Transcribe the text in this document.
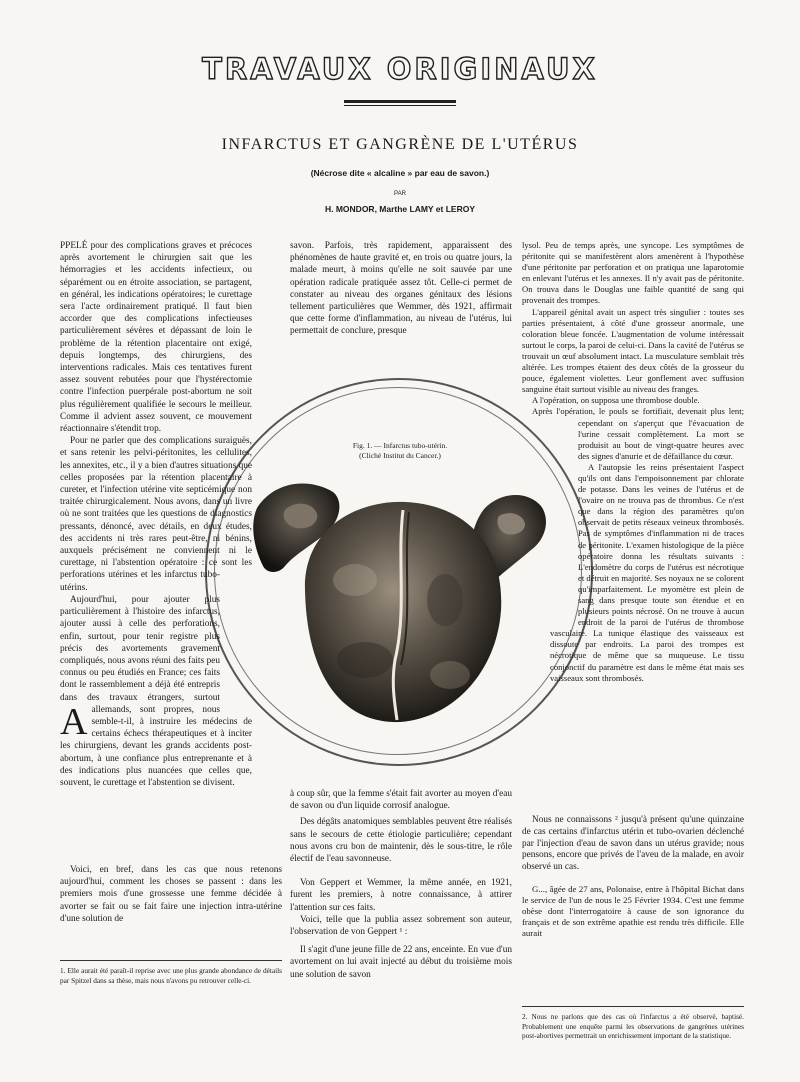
TRAVAUX ORIGINAUX
INFARCTUS ET GANGRÈNE DE L'UTÉRUS
(Nécrose dite « alcaline » par eau de savon.)
PAR
H. MONDOR, Marthe LAMY et LEROY
Fig. 1. — Infarctus tubo-utérin.
(Cliché Institut du Cancer.)

A
PPELÉ pour des complications graves et précoces après avortement le chirurgien sait que les hémorragies et les accidents infectieux, ou séparément ou en étroite association, se partagent, en général, les indications opératoires; le curettage sera l'acte ordinairement pratiqué. Il faut bien accorder que des complications infectieuses particulièrement sévères et dépassant de loin le problème de la rétention placentaire ont exigé, depuis longtemps, des chirurgiens, des interventions radicales. Mais ces tentatives furent assez souvent rebutées pour que l'hystérectomie contre l'infection puerpérale post-abortum ne soit plus régulièrement qualifiée le secours le meilleur. Comme il advient assez souvent, ce mouvement réactionnaire s'étendit trop.

Pour ne parler que des complications suraiguës, et sans retenir les pelvi-péritonites, les cellulites, les annexites, etc., il y a bien d'autres situations que celles proposées par la rétention placentaire à cureter, et l'infection utérine vite septicémique non traitée chirurgicalement. Nous avons, dans un livre où ne sont traitées que les questions de diagnostics pressants, dénoncé, avec détails, en deux études, des accidents ni très rares peut-être, ni bénins, auxquels précisément ne conviennent ni le curettage, ni l'abstention opératoire : ce sont les perforations utérines et les infarctus tubo-utérins.

Aujourd'hui, pour ajouter plus particulièrement à l'histoire des infarctus, ajouter aussi à celle des perforations, enfin, surtout, pour tenir registre plus précis des avortements gravement compliqués, nous avons réuni des faits peu connus ou peu étudiés en France; ces faits dont le rassemblement a déjà été entrepris dans des travaux étrangers, surtout allemands, sont propres, nous semble-t-il, à instruire les médecins de certains échecs thérapeutiques et à inciter les chirurgiens, devant les grands accidents post-abortum, à une confiance plus entreprenante et à des indications plus nuancées que celles que, souvent, le curettage et l'abstention se divisent.

Voici, en bref, dans les cas que nous retenons aujourd'hui, comment les choses se passent : dans les premiers mois d'une grossesse une femme décidée à avorter se fait ou se fait faire une injection intra-utérine d'une solution de

1. Elle aurait été paraît-il reprise avec une plus grande abondance de détails par Spitzel dans sa thèse, mais nous n'avons pu retrouver celle-ci.

savon. Parfois, très rapidement, apparaissent des phénomènes de haute gravité et, en trois ou quatre jours, la malade meurt, à moins qu'elle ne soit sauvée par une opération radicale pratiquée assez tôt. Celle-ci permet de constater au niveau des organes génitaux des lésions tellement particulières que Wemmer, dès 1921, affirmait que cette forme d'inflammation, au niveau de l'utérus, lui permettait de conclure, presque

à coup sûr, que la femme s'était fait avorter au moyen d'eau de savon ou d'un liquide corrosif analogue.

Des dégâts anatomiques semblables peuvent être réalisés sans le secours de cette étiologie particulière; cependant nous avons cru bon de maintenir, dès le sous-titre, le rôle électif de l'eau savonneuse.

Von Geppert et Wemmer, la même année, en 1921, furent les premiers, à notre connaissance, à attirer l'attention sur ces faits.

Voici, telle que la publia assez sobrement son auteur, l'observation de von Geppert ¹ :

Il s'agit d'une jeune fille de 22 ans, enceinte. En vue d'un avortement on lui avait injecté au début du troisième mois une solution de savon

lysol. Peu de temps après, une syncope. Les symptômes de péritonite qui se manifestèrent alors amenèrent à l'hypothèse d'une péritonite par perforation et on pratiqua une laparotomie en enlevant l'utérus et les annexes. Il n'y avait pas de péritonite. On trouva dans le Douglas une faible quantité de sang qui provenait des trompes.

L'appareil génital avait un aspect très singulier : toutes ses parties présentaient, à côté d'une grosseur anormale, une coloration bleue foncée. L'augmentation de volume intéressait surtout le corps, la paroi de celui-ci. Dans la cavité de l'utérus se trouvait un œuf absolument intact. La musculature semblait très altérée. Les trompes étaient des deux côtés de la grosseur du pouce, également violettes. Leur gonflement avec suffusion sanguine était surtout visible au niveau des franges.

A l'opération, on supposa une thrombose double.

Après l'opération, le pouls se fortifiait, devenait plus lent; cependant on s'aperçut que l'évacuation de l'urine cessait complètement. La mort se produisit au bout de vingt-quatre heures avec des signes d'anurie et de défaillance du cœur.

A l'autopsie les reins présentaient l'aspect qu'ils ont dans l'empoisonnement par chlorate de potasse. Dans les veines de l'utérus et de l'ovaire on ne trouva pas de thrombus. Ce n'est que dans la région des paramètres qu'on observait de petits réseaux veineux thrombosés. Pas de symptômes d'inflammation ni de traces de péritonite. L'examen histologique de la pièce opératoire donna les résultats suivants : L'endomètre du corps de l'utérus est nécrotique et détruit en majorité. Ses noyaux ne se colorent qu'imparfaitement. Le myomètre est plein de sang dans presque toute son étendue et en plusieurs points nécrosé. On ne trouve à aucun endroit de la paroi de l'utérus de thrombose vasculaire. La tunique élastique des vaisseaux est dissoute par endroits. La paroi des trompes est nécrotique de même que sa muqueuse. Le tissu conjonctif du paramètre est dans le même état mais ses vaisseaux sont thrombosés.

Nous ne connaissons ² jusqu'à présent qu'une quinzaine de cas certains d'infarctus utérin et tubo-ovarien déclenché par l'injection d'eau de savon dans un utérus gravide; nous pensons, encore que privés de l'aveu de la malade, en avoir observé un cas.

G..., âgée de 27 ans, Polonaise, entre à l'hôpital Bichat dans le service de l'un de nous le 25 Février 1934. C'est une femme obèse dont l'interrogatoire à cause de son ignorance du français et de son extrême apathie est rendu très difficile. Elle aurait

2. Nous ne parlons que des cas où l'infarctus a été observé, baptisé. Probablement une enquête parmi les observations de gangrènes utérines post-abortives permettrait un enrichissement important de la statistique.
